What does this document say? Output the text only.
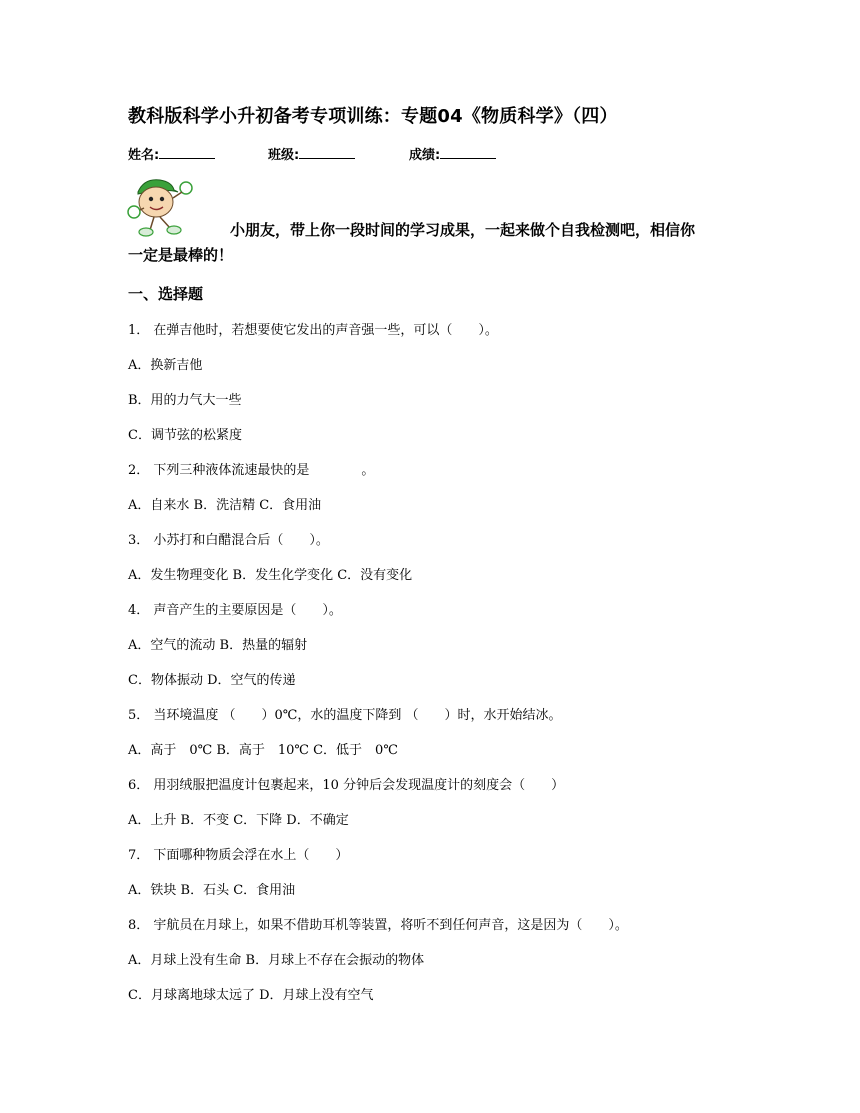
教科版科学小升初备考专项训练：专题04《物质科学》（四）
姓名:	班级:	成绩:
小朋友，带上你一段时间的学习成果，一起来做个自我检测吧，相信你
一定是最棒的！
一、选择题
1． 在弹吉他时，若想要使它发出的声音强一些，可以（　　）。
A．换新吉他
B．用的力气大一些
C．调节弦的松紧度
2． 下列三种液体流速最快的是　　　　。
A．自来水 B．洗洁精 C．食用油
3． 小苏打和白醋混合后（　　）。
A．发生物理变化 B．发生化学变化 C．没有变化
4． 声音产生的主要原因是（　　）。
A．空气的流动 B．热量的辐射
C．物体振动 D．空气的传递
5． 当环境温度 （　　）0℃，水的温度下降到 （　　）时，水开始结冰。
A．高于　0℃ B．高于　10℃ C．低于　0℃
6． 用羽绒服把温度计包裹起来，10 分钟后会发现温度计的刻度会（　　）
A．上升 B．不变 C．下降 D．不确定
7． 下面哪种物质会浮在水上（　　）
A．铁块 B．石头 C．食用油
8． 宇航员在月球上，如果不借助耳机等装置，将听不到任何声音，这是因为（　　）。
A．月球上没有生命 B．月球上不存在会振动的物体
C．月球离地球太远了 D．月球上没有空气
